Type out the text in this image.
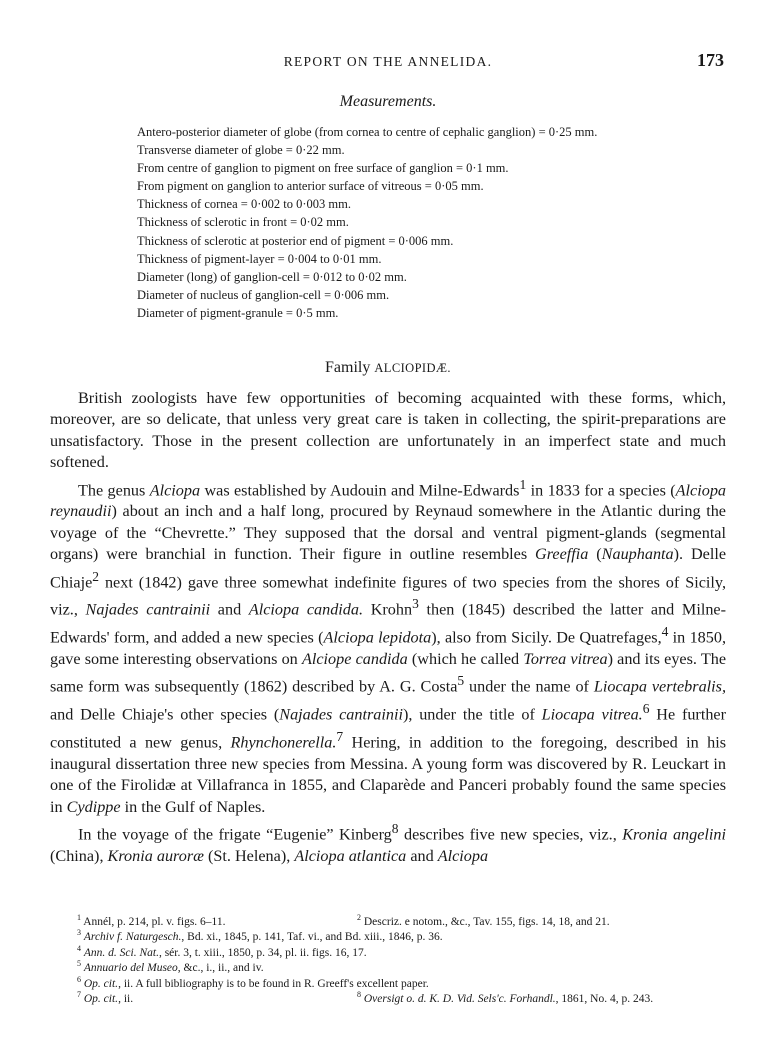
REPORT ON THE ANNELIDA.	173
Measurements.
Antero-posterior diameter of globe (from cornea to centre of cephalic ganglion) = 0·25 mm.
Transverse diameter of globe = 0·22 mm.
From centre of ganglion to pigment on free surface of ganglion = 0·1 mm.
From pigment on ganglion to anterior surface of vitreous = 0·05 mm.
Thickness of cornea = 0·002 to 0·003 mm.
Thickness of sclerotic in front = 0·02 mm.
Thickness of sclerotic at posterior end of pigment = 0·006 mm.
Thickness of pigment-layer = 0·004 to 0·01 mm.
Diameter (long) of ganglion-cell = 0·012 to 0·02 mm.
Diameter of nucleus of ganglion-cell = 0·006 mm.
Diameter of pigment-granule = 0·5 mm.
Family ALCIOPIDÆ.

British zoologists have few opportunities of becoming acquainted with these forms, which, moreover, are so delicate, that unless very great care is taken in collecting, the spirit-preparations are unsatisfactory. Those in the present collection are unfortunately in an imperfect state and much softened.

The genus Alciopa was established by Audouin and Milne-Edwards$^1$ in 1833 for a species (Alciopa reynaudii) about an inch and a half long, procured by Reynaud somewhere in the Atlantic during the voyage of the “Chevrette.” They supposed that the dorsal and ventral pigment-glands (segmental organs) were branchial in function. Their figure in outline resembles Greeffia (Nauphanta). Delle Chiaje$^2$ next (1842) gave three somewhat indefinite figures of two species from the shores of Sicily, viz., Najades cantrainii and Alciopa candida. Krohn$^3$ then (1845) described the latter and Milne-Edwards' form, and added a new species (Alciopa lepidota), also from Sicily. De Quatrefages,$^4$ in 1850, gave some interesting observations on Alciope candida (which he called Torrea vitrea) and its eyes. The same form was subsequently (1862) described by A. G. Costa$^5$ under the name of Liocapa vertebralis, and Delle Chiaje's other species (Najades cantrainii), under the title of Liocapa vitrea.$^6$ He further constituted a new genus, Rhynchonerella.$^7$ Hering, in addition to the foregoing, described in his inaugural dissertation three new species from Messina. A young form was discovered by R. Leuckart in one of the Firolidæ at Villafranca in 1855, and Claparède and Panceri probably found the same species in Cydippe in the Gulf of Naples.

In the voyage of the frigate “Eugenie” Kinberg$^8$ describes five new species, viz., Kronia angelini (China), Kronia auroræ (St. Helena), Alciopa atlantica and Alciopa

$^1$ Annél, p. 214, pl. v. figs. 6–11.	$^2$ Descriz. e notom., &c., Tav. 155, figs. 14, 18, and 21.
$^3$ Archiv f. Naturgesch., Bd. xi., 1845, p. 141, Taf. vi., and Bd. xiii., 1846, p. 36.
$^4$ Ann. d. Sci. Nat., sér. 3, t. xiii., 1850, p. 34, pl. ii. figs. 16, 17.
$^5$ Annuario del Museo, &c., i., ii., and iv.
$^6$ Op. cit., ii. A full bibliography is to be found in R. Greeff's excellent paper.
$^7$ Op. cit., ii.	$^8$ Oversigt o. d. K. D. Vid. Sels'c. Forhandl., 1861, No. 4, p. 243.
